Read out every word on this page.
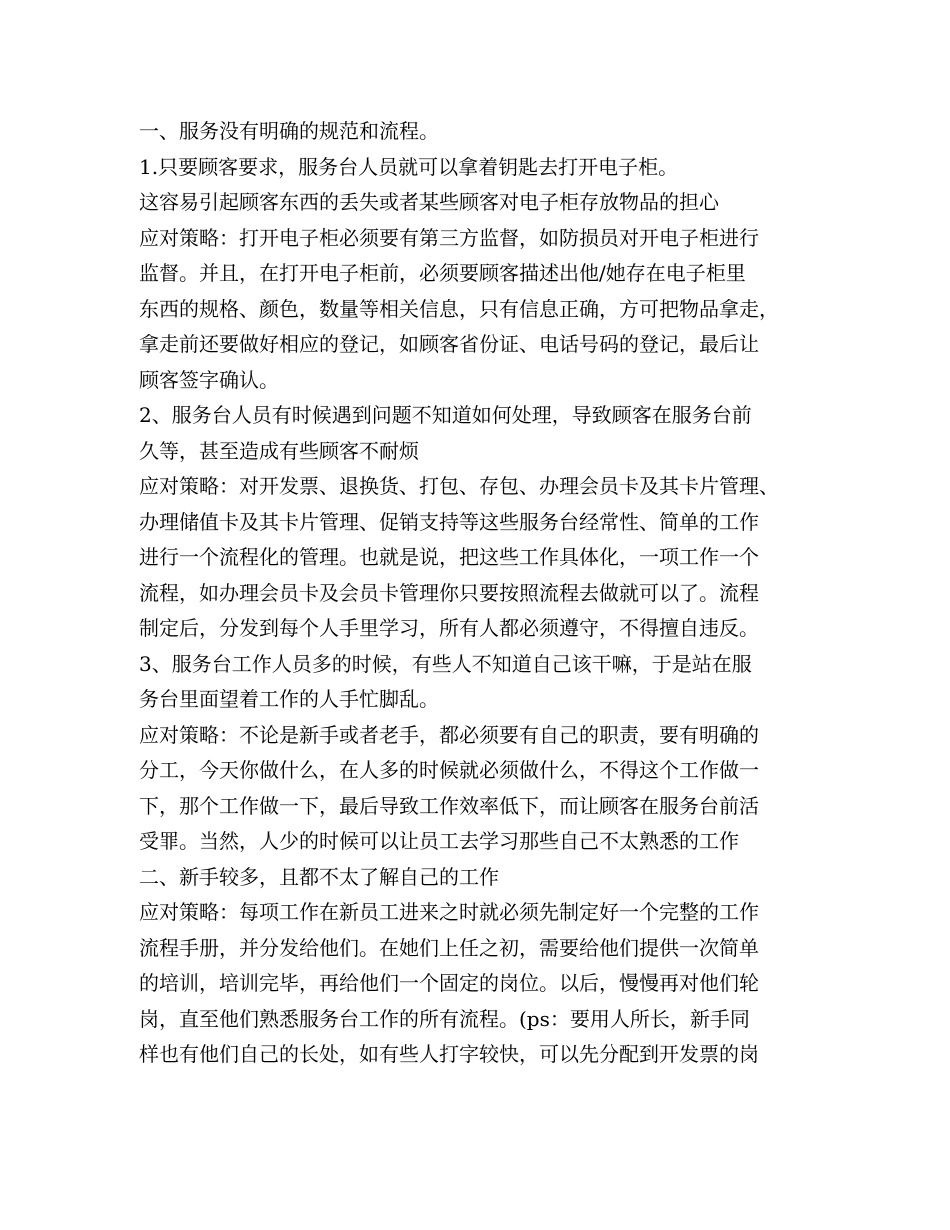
一、服务没有明确的规范和流程。
1.只要顾客要求，服务台人员就可以拿着钥匙去打开电子柜。
这容易引起顾客东西的丢失或者某些顾客对电子柜存放物品的担心
应对策略：打开电子柜必须要有第三方监督，如防损员对开电子柜进行
监督。并且，在打开电子柜前，必须要顾客描述出他/她存在电子柜里
东西的规格、颜色，数量等相关信息，只有信息正确，方可把物品拿走，
拿走前还要做好相应的登记，如顾客省份证、电话号码的登记，最后让
顾客签字确认。
2、服务台人员有时候遇到问题不知道如何处理，导致顾客在服务台前
久等，甚至造成有些顾客不耐烦
应对策略：对开发票、退换货、打包、存包、办理会员卡及其卡片管理、
办理储值卡及其卡片管理、促销支持等这些服务台经常性、简单的工作
进行一个流程化的管理。也就是说，把这些工作具体化，一项工作一个
流程，如办理会员卡及会员卡管理你只要按照流程去做就可以了。流程
制定后，分发到每个人手里学习，所有人都必须遵守，不得擅自违反。
3、服务台工作人员多的时候，有些人不知道自己该干嘛，于是站在服
务台里面望着工作的人手忙脚乱。
应对策略：不论是新手或者老手，都必须要有自己的职责，要有明确的
分工，今天你做什么，在人多的时候就必须做什么，不得这个工作做一
下，那个工作做一下，最后导致工作效率低下，而让顾客在服务台前活
受罪。当然，人少的时候可以让员工去学习那些自己不太熟悉的工作
二、新手较多，且都不太了解自己的工作
应对策略：每项工作在新员工进来之时就必须先制定好一个完整的工作
流程手册，并分发给他们。在她们上任之初，需要给他们提供一次简单
的培训，培训完毕，再给他们一个固定的岗位。以后，慢慢再对他们轮
岗，直至他们熟悉服务台工作的所有流程。(ps：要用人所长，新手同
样也有他们自己的长处，如有些人打字较快，可以先分配到开发票的岗
